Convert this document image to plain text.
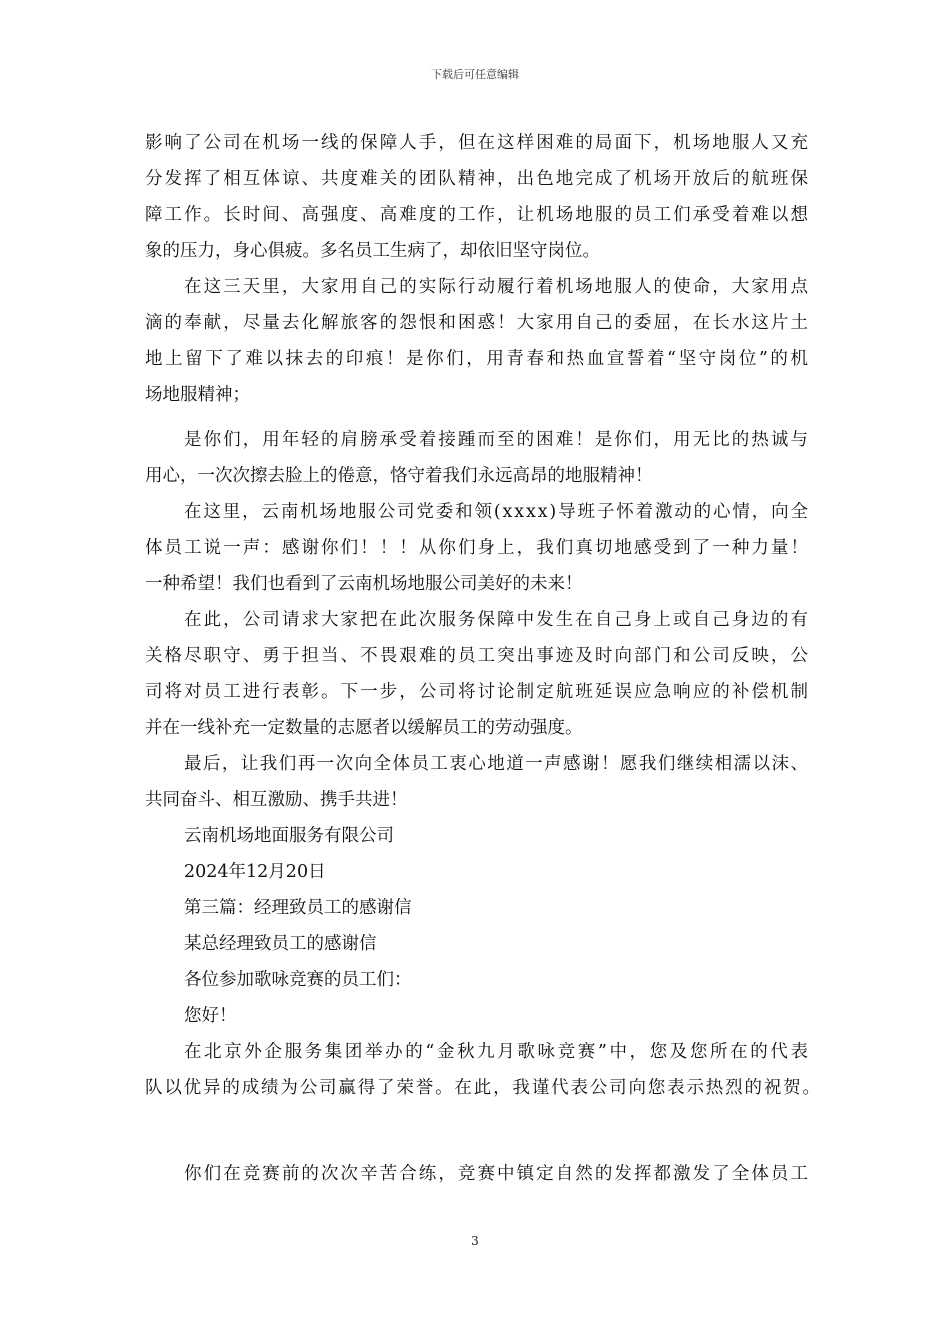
下载后可任意编辑
影响了公司在机场一线的保障人手，但在这样困难的局面下，机场地服人又充
分发挥了相互体谅、共度难关的团队精神，出色地完成了机场开放后的航班保
障工作。长时间、高强度、高难度的工作，让机场地服的员工们承受着难以想
象的压力，身心俱疲。多名员工生病了，却依旧坚守岗位。
在这三天里，大家用自己的实际行动履行着机场地服人的使命，大家用点
滴的奉献，尽量去化解旅客的怨恨和困惑！大家用自己的委屈，在长水这片土
地上留下了难以抹去的印痕！是你们，用青春和热血宣誓着“坚守岗位”的机
场地服精神；
是你们，用年轻的肩膀承受着接踵而至的困难！是你们，用无比的热诚与
用心，一次次擦去脸上的倦意，恪守着我们永远高昂的地服精神！
在这里，云南机场地服公司党委和领(xxxx)导班子怀着激动的心情，向全
体员工说一声：感谢你们！！！从你们身上，我们真切地感受到了一种力量！
一种希望！我们也看到了云南机场地服公司美好的未来！
在此，公司请求大家把在此次服务保障中发生在自己身上或自己身边的有
关格尽职守、勇于担当、不畏艰难的员工突出事迹及时向部门和公司反映，公
司将对员工进行表彰。下一步，公司将讨论制定航班延误应急响应的补偿机制
并在一线补充一定数量的志愿者以缓解员工的劳动强度。
最后，让我们再一次向全体员工衷心地道一声感谢！愿我们继续相濡以沫、
共同奋斗、相互激励、携手共进！
云南机场地面服务有限公司
2024年12月20日
第三篇：经理致员工的感谢信
某总经理致员工的感谢信
各位参加歌咏竞赛的员工们：
您好！
在北京外企服务集团举办的“金秋九月歌咏竞赛”中，您及您所在的代表
队以优异的成绩为公司赢得了荣誉。在此，我谨代表公司向您表示热烈的祝贺。
你们在竞赛前的次次辛苦合练，竞赛中镇定自然的发挥都激发了全体员工
3
